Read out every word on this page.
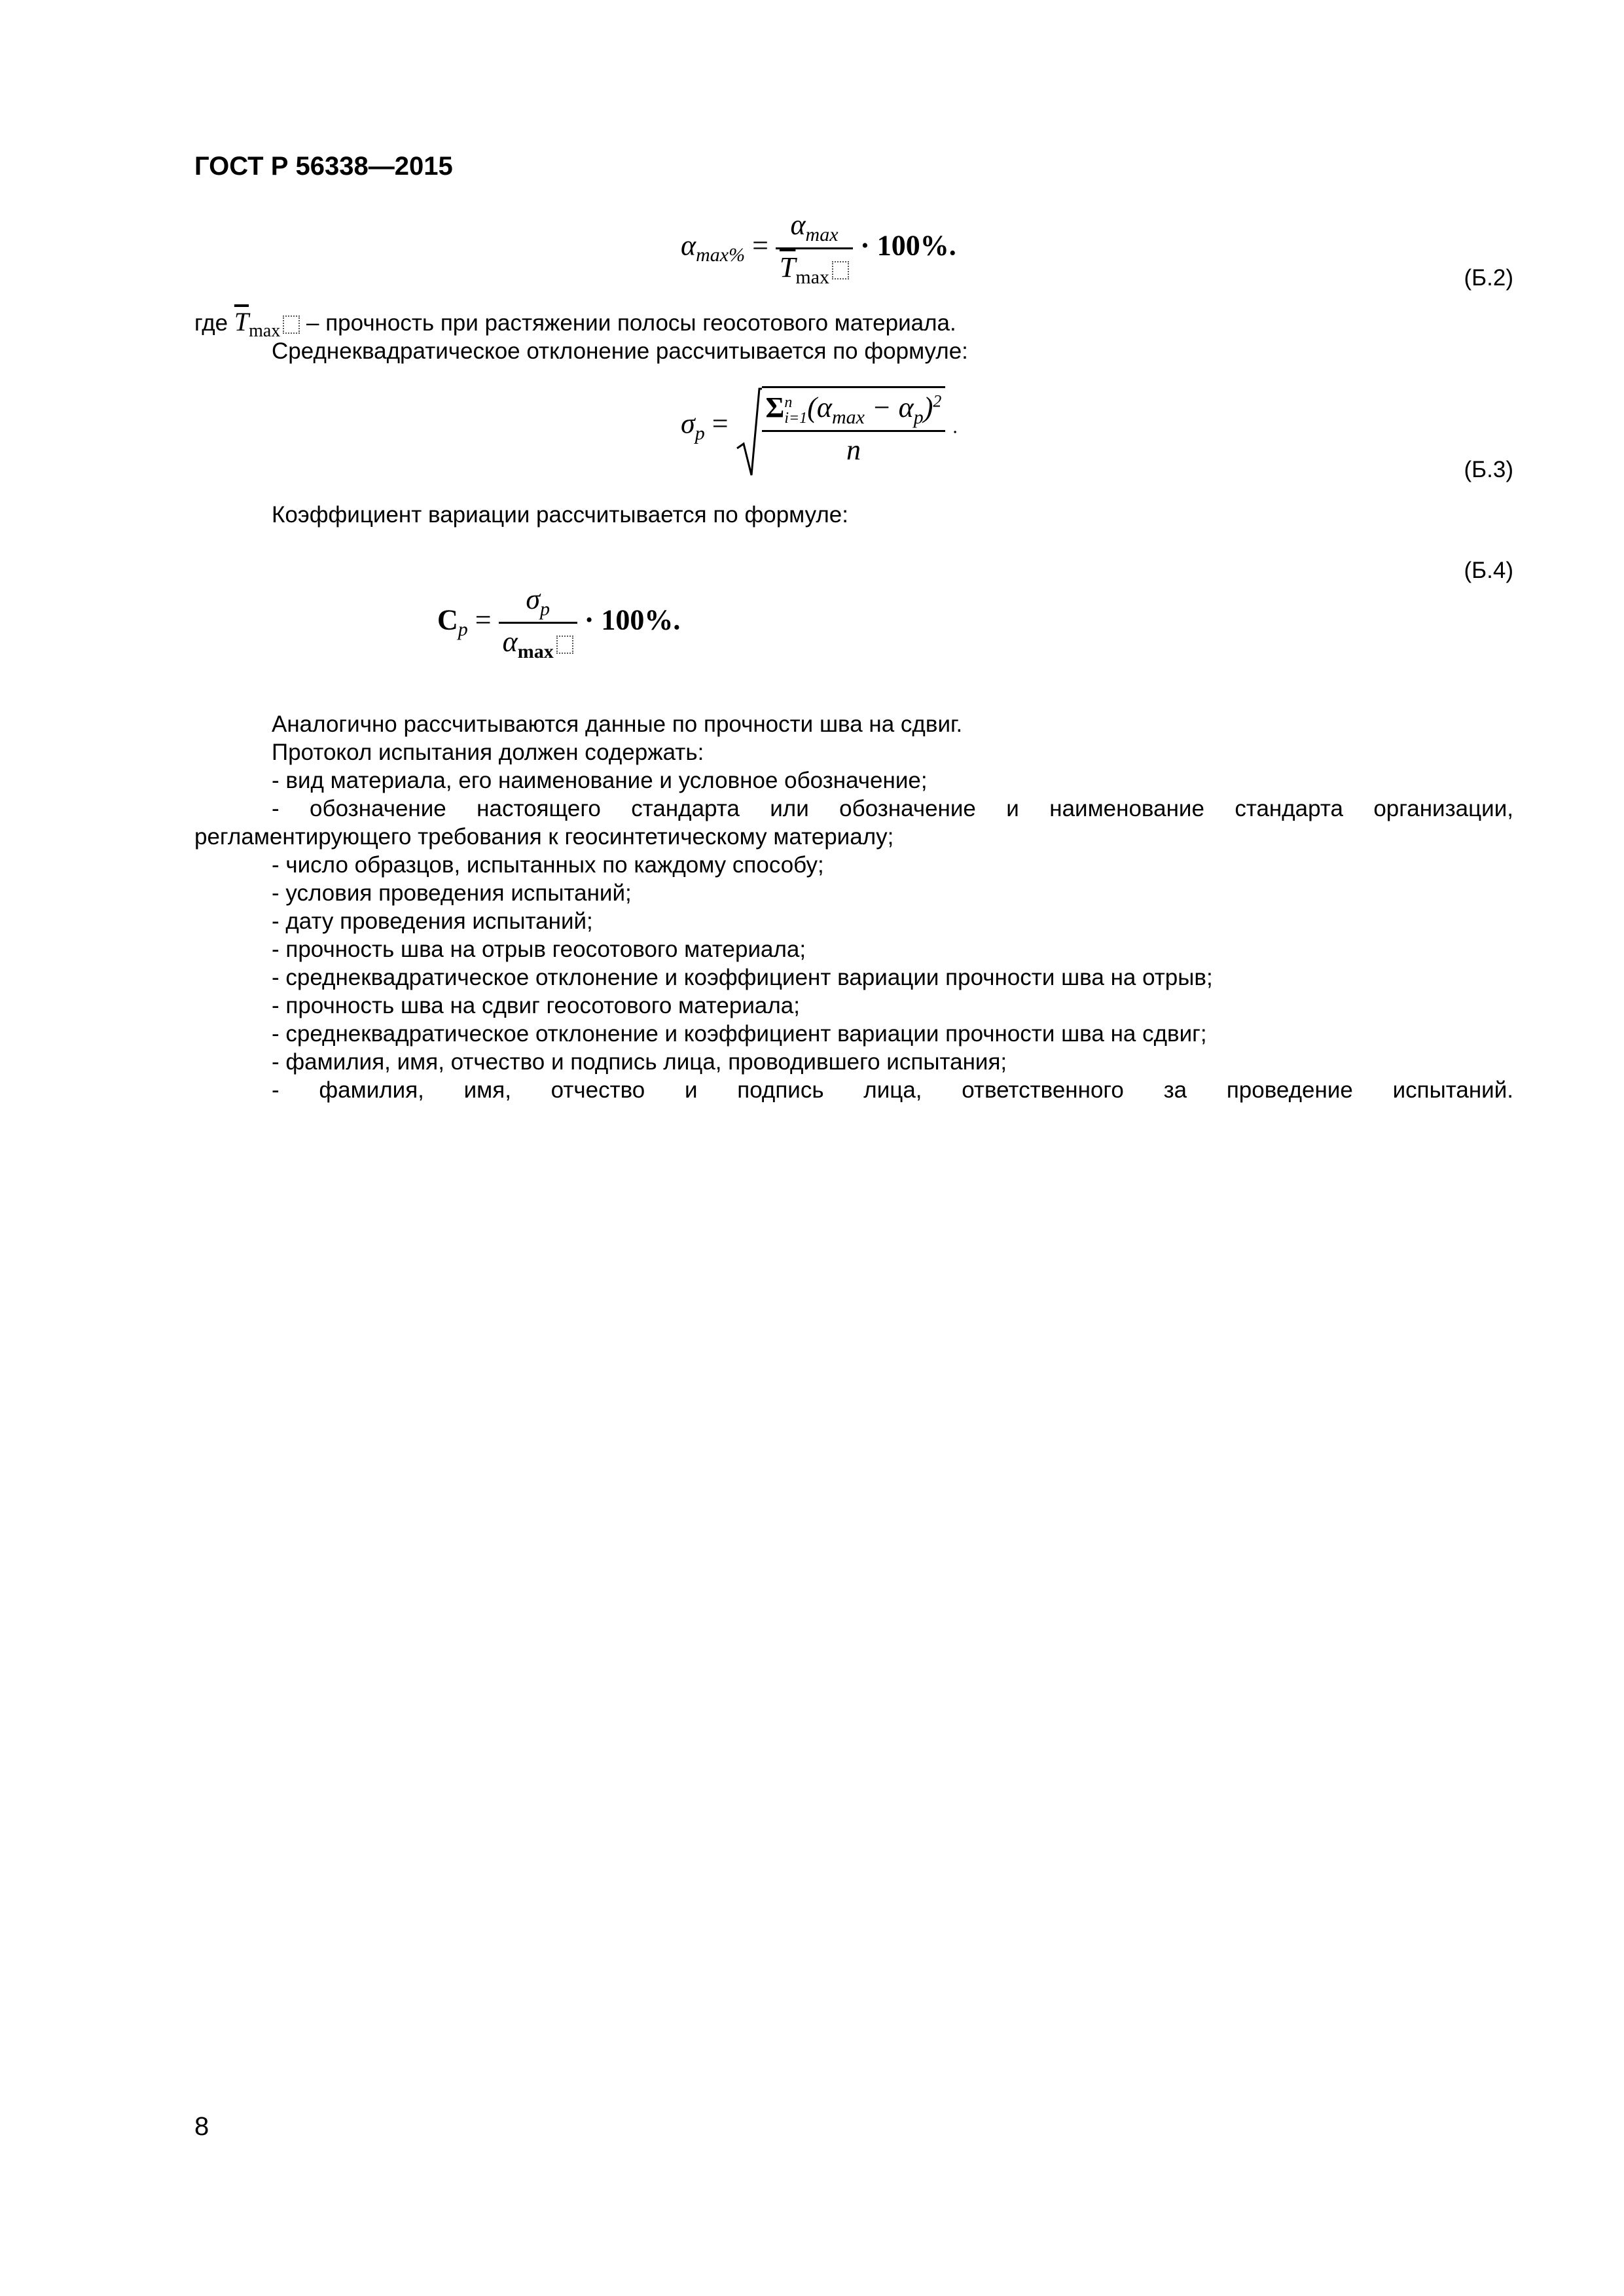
ГОСТ Р 56338—2015
$\alpha_{max\%} = \frac{\alpha_{max}}{\overline{T}_{max}} \cdot 100\%$.
(Б.2)
где $\overline{T}_{max}$ – прочность при растяжении полосы геосотового материала.
Среднеквадратическое отклонение рассчитывается по формуле:
$\sigma_p = \Sigma$ n
i=1 $(\alpha_{max} - \alpha_p)^2$
n .
(Б.3)
Коэффициент вариации рассчитывается по формуле:
(Б.4)
$C_p = \frac{\sigma_p}{\alpha_{max}} \cdot 100\%$.
Аналогично рассчитываются данные по прочности шва на сдвиг.
Протокол испытания должен содержать:
- вид материала, его наименование и условное обозначение;
- обозначение настоящего стандарта или обозначение и наименование стандарта организации,
регламентирующего требования к геосинтетическому материалу;
- число образцов, испытанных по каждому способу;
- условия проведения испытаний;
- дату проведения испытаний;
- прочность шва на отрыв геосотового материала;
- среднеквадратическое отклонение и коэффициент вариации прочности шва на отрыв;
- прочность шва на сдвиг геосотового материала;
- среднеквадратическое отклонение и коэффициент вариации прочности шва на сдвиг;
- фамилия, имя, отчество и подпись лица, проводившего испытания;
- фамилия, имя, отчество и подпись лица, ответственного за проведение испытаний.
8
